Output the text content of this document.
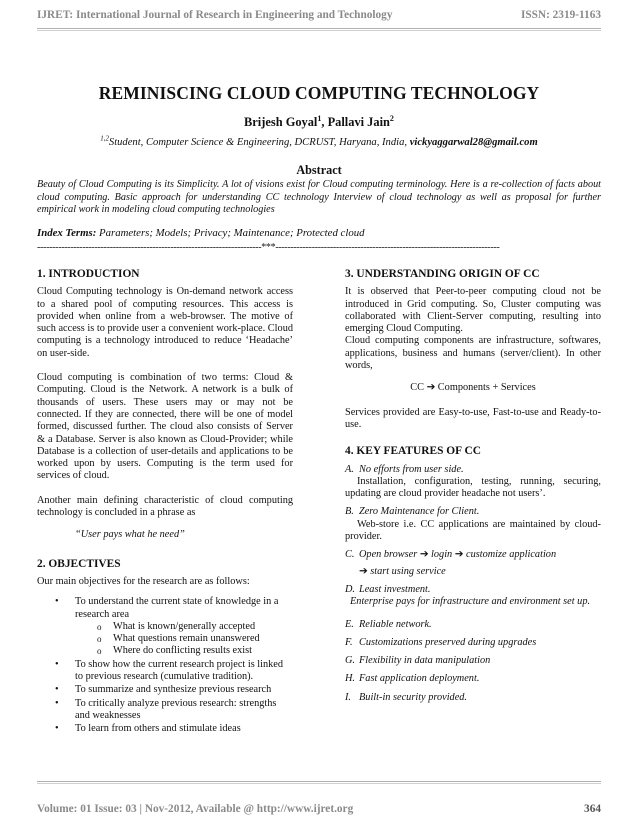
IJRET: International Journal of Research in Engineering and Technology	ISSN: 2319-1163
REMINISCING CLOUD COMPUTING TECHNOLOGY
Brijesh Goyal$^1$, Pallavi Jain$^2$
$^{1,2}$Student, Computer Science & Engineering, DCRUST, Haryana, India, vickyaggarwal28@gmail.com
Abstract
Beauty of Cloud Computing is its Simplicity. A lot of visions exist for Cloud computing terminology. Here is a re-collection of facts about cloud computing. Basic approach for understanding CC technology Interview of cloud technology as well as proposal for further empirical work in modeling cloud computing technologies
Index Terms: Parameters; Models; Privacy; Maintenance; Protected cloud
--------------------------------------------------------------------------***--------------------------------------------------------------------------
1. INTRODUCTION

Cloud Computing technology is On-demand network access to a shared pool of computing resources. This access is provided when online from a web-browser. The motive of such access is to provide user a convenient work-place. Cloud computing is a technology introduced to reduce ‘Headache’ on user-side.

Cloud computing is combination of two terms: Cloud & Computing. Cloud is the Network. A network is a bulk of thousands of users. These users may or may not be connected. If they are connected, there will be one of model formed, discussed further. The cloud also consists of Server & a Database. Server is also known as Cloud-Provider; while Database is a collection of user-details and applications to be worked upon by users. Computing is the term used for services of cloud.

Another main defining characteristic of cloud computing technology is concluded in a phrase as

“User pays what he need”
2. OBJECTIVES

Our main objectives for the research are as follows:

• To understand the current state of knowledge in a research area
o What is known/generally accepted
o What questions remain unanswered
o Where do conflicting results exist
• To show how the current research project is linked to previous research (cumulative tradition).
• To summarize and synthesize previous research
• To critically analyze previous research: strengths and weaknesses
• To learn from others and stimulate ideas
3. UNDERSTANDING ORIGIN OF CC

It is observed that Peer-to-peer computing cloud not be introduced in Grid computing. So, Cluster computing was collaborated with Client-Server computing, resulting into emerging Cloud Computing.

Cloud computing components are infrastructure, softwares, applications, business and humans (server/client). In other words,

CC ➔ Components + Services

Services provided are Easy-to-use, Fast-to-use and Ready-to-use.

4. KEY FEATURES OF CC
A. No efforts from user side.

Installation, configuration, testing, running, securing, updating are cloud provider headache not users’.

B. Zero Maintenance for Client.

Web-store i.e. CC applications are maintained by cloud-provider.

C. Open browser ➔ login ➔ customize application
➔ start using service
D. Least investment.
Enterprise pays for infrastructure and environment set up.
E. Reliable network.
F. Customizations preserved during upgrades
G. Flexibility in data manipulation
H. Fast application deployment.
I. Built-in security provided.
Volume: 01 Issue: 03 | Nov-2012, Available @ http://www.ijret.org	364
